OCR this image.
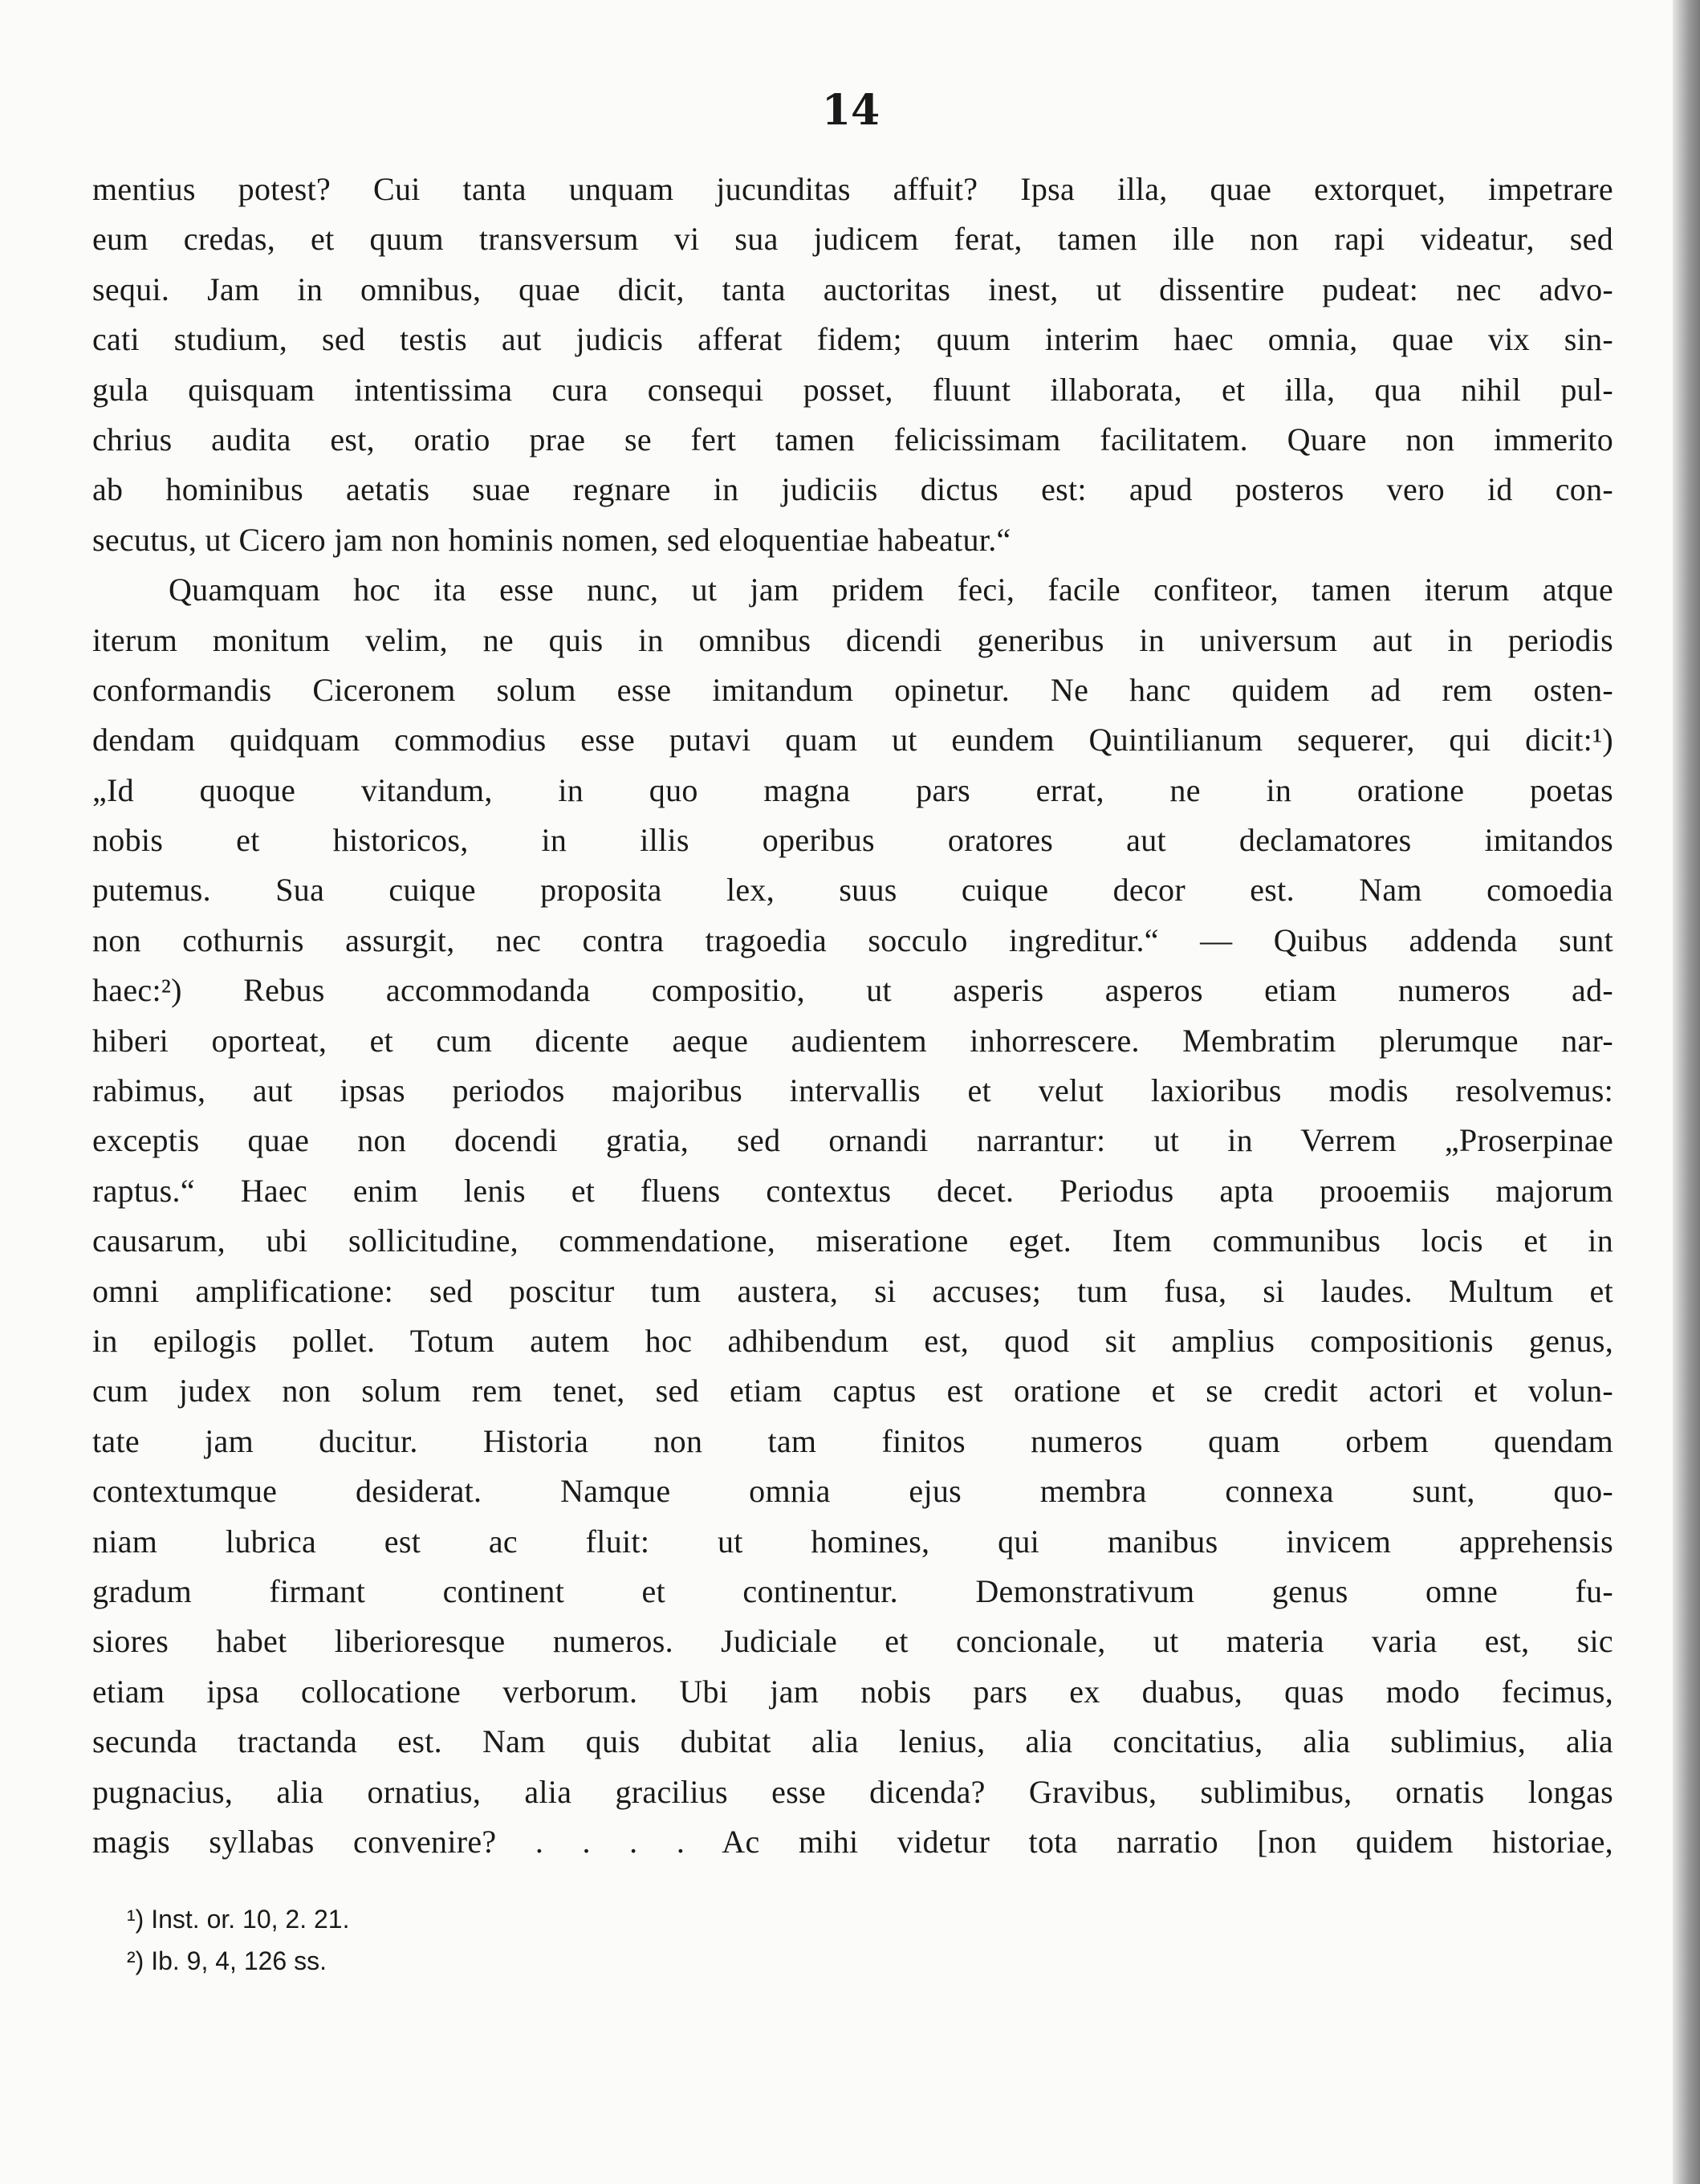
14
mentius potest? Cui tanta unquam jucunditas affuit? Ipsa illa, quae extorquet, impetrare
eum credas, et quum transversum vi sua judicem ferat, tamen ille non rapi videatur, sed
sequi. Jam in omnibus, quae dicit, tanta auctoritas inest, ut dissentire pudeat: nec advo-
cati studium, sed testis aut judicis afferat fidem; quum interim haec omnia, quae vix sin-
gula quisquam intentissima cura consequi posset, fluunt illaborata, et illa, qua nihil pul-
chrius audita est, oratio prae se fert tamen felicissimam facilitatem. Quare non immerito
ab hominibus aetatis suae regnare in judiciis dictus est: apud posteros vero id con-
secutus, ut Cicero jam non hominis nomen, sed eloquentiae habeatur.“
Quamquam hoc ita esse nunc, ut jam pridem feci, facile confiteor, tamen iterum atque
iterum monitum velim, ne quis in omnibus dicendi generibus in universum aut in periodis
conformandis Ciceronem solum esse imitandum opinetur. Ne hanc quidem ad rem osten-
dendam quidquam commodius esse putavi quam ut eundem Quintilianum sequerer, qui dicit:¹)
„Id quoque vitandum, in quo magna pars errat, ne in oratione poetas
nobis et historicos, in illis operibus oratores aut declamatores imitandos
putemus. Sua cuique proposita lex, suus cuique decor est. Nam comoedia
non cothurnis assurgit, nec contra tragoedia socculo ingreditur.“ — Quibus addenda sunt
haec:²) Rebus accommodanda compositio, ut asperis asperos etiam numeros ad-
hiberi oporteat, et cum dicente aeque audientem inhorrescere. Membratim plerumque nar-
rabimus, aut ipsas periodos majoribus intervallis et velut laxioribus modis resolvemus:
exceptis quae non docendi gratia, sed ornandi narrantur: ut in Verrem „Proserpinae
raptus.“ Haec enim lenis et fluens contextus decet. Periodus apta prooemiis majorum
causarum, ubi sollicitudine, commendatione, miseratione eget. Item communibus locis et in
omni amplificatione: sed poscitur tum austera, si accuses; tum fusa, si laudes. Multum et
in epilogis pollet. Totum autem hoc adhibendum est, quod sit amplius compositionis genus,
cum judex non solum rem tenet, sed etiam captus est oratione et se credit actori et volun-
tate jam ducitur. Historia non tam finitos numeros quam orbem quendam
contextumque desiderat. Namque omnia ejus membra connexa sunt, quo-
niam lubrica est ac fluit: ut homines, qui manibus invicem apprehensis
gradum firmant continent et continentur. Demonstrativum genus omne fu-
siores habet liberioresque numeros. Judiciale et concionale, ut materia varia est, sic
etiam ipsa collocatione verborum. Ubi jam nobis pars ex duabus, quas modo fecimus,
secunda tractanda est. Nam quis dubitat alia lenius, alia concitatius, alia sublimius, alia
pugnacius, alia ornatius, alia gracilius esse dicenda? Gravibus, sublimibus, ornatis longas
magis syllabas convenire? . . . . Ac mihi videtur tota narratio [non quidem historiae,
¹) Inst. or. 10, 2. 21.
²) Ib. 9, 4, 126 ss.
